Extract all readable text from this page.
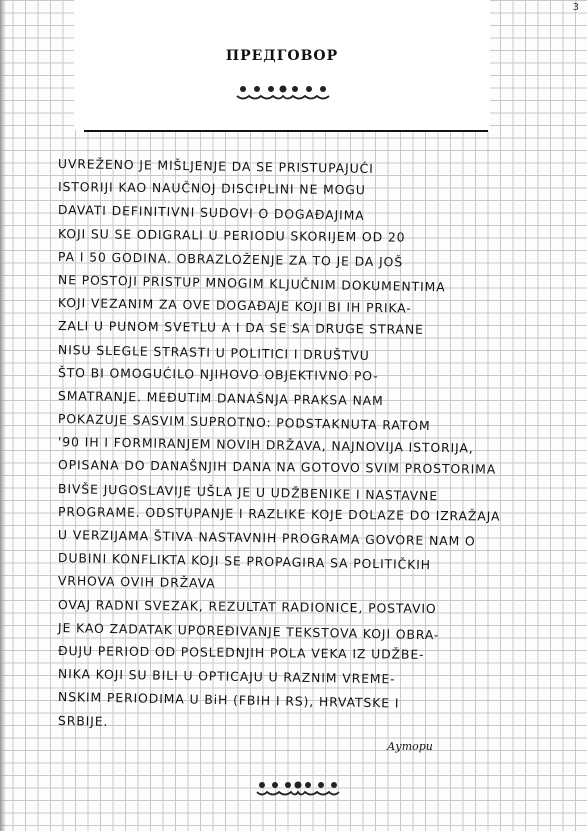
3
ПРЕДГОВОР
UVREŽENO JE MIŠLJENJE DA SE PRISTUPAJUĆI
ISTORIJI KAO NAUČNOJ DISCIPLINI NE MOGU
DAVATI DEFINITIVNI SUDOVI O DOGAĐAJIMA
KOJI SU SE ODIGRALI U PERIODU SKORIJEM OD 20
PA I 50 GODINA. OBRAZLOŽENJE ZA TO JE DA JOŠ
NE POSTOJI PRISTUP MNOGIM KLJUČNIM DOKUMENTIMA
KOJI VEZANIM ZA OVE DOGAĐAJE KOJI BI IH PRIKA-
ZALI U PUNOM SVETLU A I DA SE SA DRUGE STRANE
NISU SLEGLE STRASTI U POLITICI I DRUŠTVU
ŠTO BI OMOGUĆILO NJIHOVO OBJEKTIVNO PO-
SMATRANJE. MEĐUTIM DANAŠNJA PRAKSA NAM
POKAZUJE SASVIM SUPROTNO: PODSTAKNUTA RATOM
'90 IH I FORMIRANJEM NOVIH DRŽAVA, NAJNOVIJA ISTORIJA,
OPISANA DO DANAŠNJIH DANA NA GOTOVO SVIM PROSTORIMA
BIVŠE JUGOSLAVIJE UŠLA JE U UDŽBENIKE I NASTAVNE
PROGRAME. ODSTUPANJE I RAZLIKE KOJE DOLAZE DO IZRAŽAJA
U VERZIJAMA ŠTIVA NASTAVNIH PROGRAMA GOVORE NAM O
DUBINI KONFLIKTA KOJI SE PROPAGIRA SA POLITIČKIH
VRHOVA OVIH DRŽAVA
OVAJ RADNI SVEZAK, REZULTAT RADIONICE, POSTAVIO
JE KAO ZADATAK UPOREĐIVANJE TEKSTOVA KOJI OBRA-
ĐUJU PERIOD OD POSLEDNJIH POLA VEKA IZ UDŽBE-
NIKA KOJI SU BILI U OPTICAJU U RAZNIM VREME-
NSKIM PERIODIMA U BiH (FBIH I RS), HRVATSKE I
SRBIJE.
Аутори
